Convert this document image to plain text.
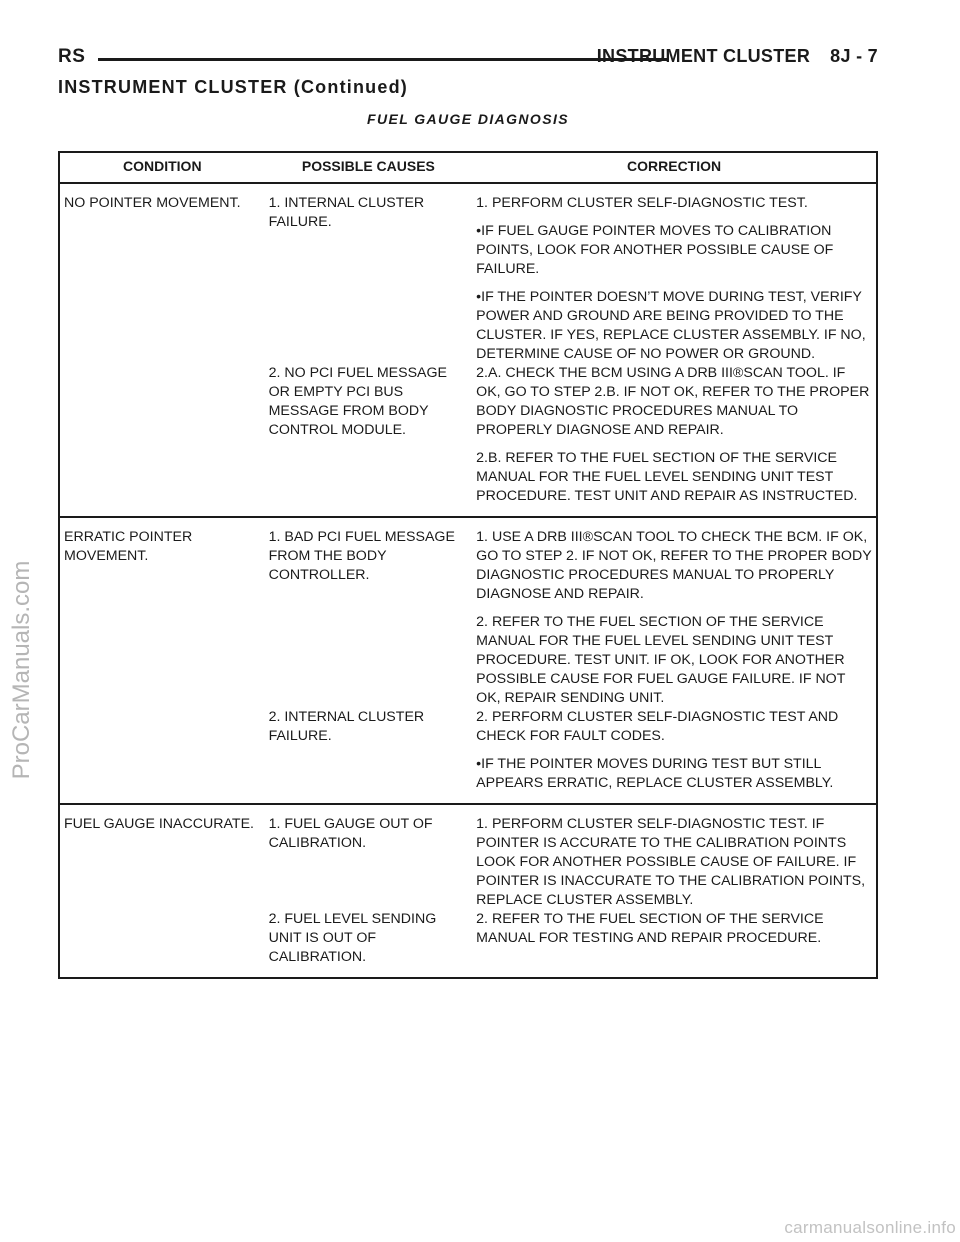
RS	INSTRUMENT CLUSTER 8J - 7
INSTRUMENT CLUSTER (Continued)
FUEL GAUGE DIAGNOSIS
CONDITION	POSSIBLE CAUSES	CORRECTION
NO POINTER MOVEMENT.	1. INTERNAL CLUSTER FAILURE.	1. PERFORM CLUSTER SELF-DIAGNOSTIC TEST.

•IF FUEL GAUGE POINTER MOVES TO CALIBRATION POINTS, LOOK FOR ANOTHER POSSIBLE CAUSE OF FAILURE.

•IF THE POINTER DOESN’T MOVE DURING TEST, VERIFY POWER AND GROUND ARE BEING PROVIDED TO THE CLUSTER. IF YES, REPLACE CLUSTER ASSEMBLY. IF NO, DETERMINE CAUSE OF NO POWER OR GROUND.

	2. NO PCI FUEL MESSAGE OR EMPTY PCI BUS MESSAGE FROM BODY CONTROL MODULE.	2.A. CHECK THE BCM USING A DRB III®SCAN TOOL. IF OK, GO TO STEP 2.B. IF NOT OK, REFER TO THE PROPER BODY DIAGNOSTIC PROCEDURES MANUAL TO PROPERLY DIAGNOSE AND REPAIR.

2.B. REFER TO THE FUEL SECTION OF THE SERVICE MANUAL FOR THE FUEL LEVEL SENDING UNIT TEST PROCEDURE. TEST UNIT AND REPAIR AS INSTRUCTED.

ERRATIC POINTER MOVEMENT.	1. BAD PCI FUEL MESSAGE FROM THE BODY CONTROLLER.	1. USE A DRB III®SCAN TOOL TO CHECK THE BCM. IF OK, GO TO STEP 2. IF NOT OK, REFER TO THE PROPER BODY DIAGNOSTIC PROCEDURES MANUAL TO PROPERLY DIAGNOSE AND REPAIR.

2. REFER TO THE FUEL SECTION OF THE SERVICE MANUAL FOR THE FUEL LEVEL SENDING UNIT TEST PROCEDURE. TEST UNIT. IF OK, LOOK FOR ANOTHER POSSIBLE CAUSE FOR FUEL GAUGE FAILURE. IF NOT OK, REPAIR SENDING UNIT.

	2. INTERNAL CLUSTER FAILURE.	2. PERFORM CLUSTER SELF-DIAGNOSTIC TEST AND CHECK FOR FAULT CODES.

•IF THE POINTER MOVES DURING TEST BUT STILL APPEARS ERRATIC, REPLACE CLUSTER ASSEMBLY.

FUEL GAUGE INACCURATE.	1. FUEL GAUGE OUT OF CALIBRATION.	1. PERFORM CLUSTER SELF-DIAGNOSTIC TEST. IF POINTER IS ACCURATE TO THE CALIBRATION POINTS LOOK FOR ANOTHER POSSIBLE CAUSE OF FAILURE. IF POINTER IS INACCURATE TO THE CALIBRATION POINTS, REPLACE CLUSTER ASSEMBLY.

	2. FUEL LEVEL SENDING UNIT IS OUT OF CALIBRATION.	2. REFER TO THE FUEL SECTION OF THE SERVICE MANUAL FOR TESTING AND REPAIR PROCEDURE.

ProCarManuals.com
carmanualsonline.info
